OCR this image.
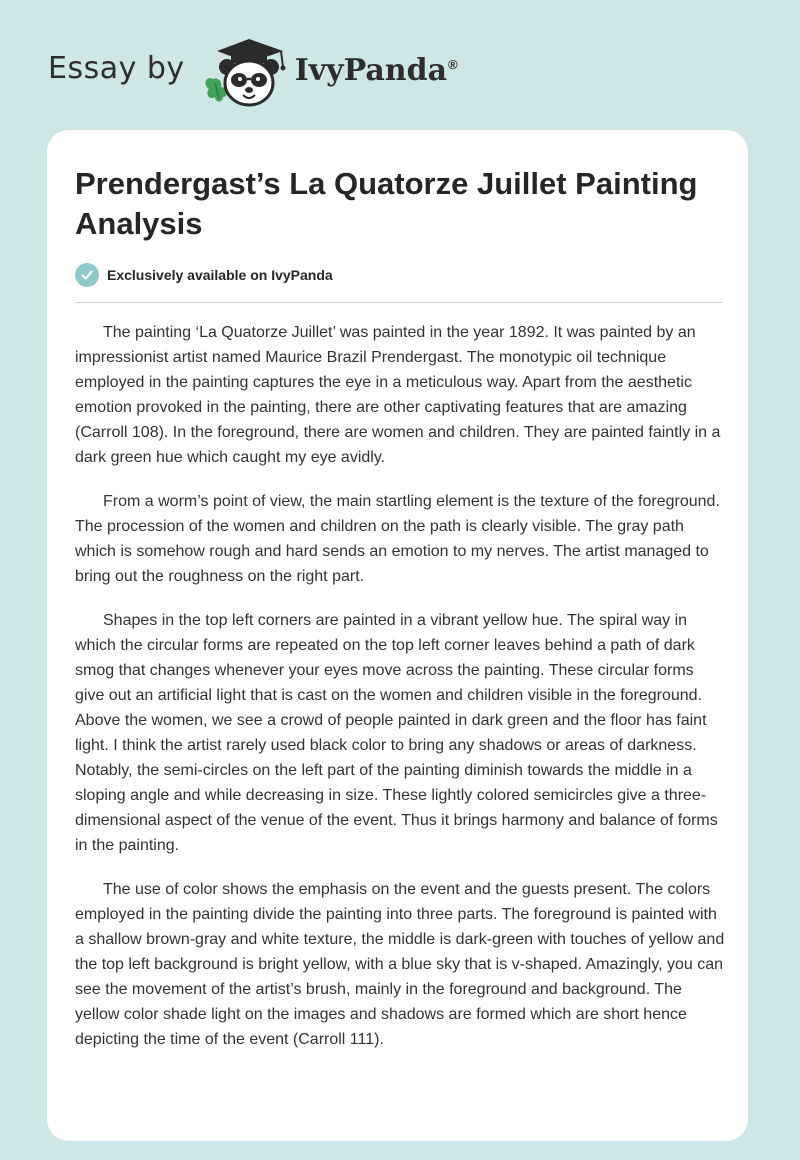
Essay by	IvyPanda®
Prendergast’s La Quatorze Juillet Painting Analysis
Exclusively available on IvyPanda

The painting ‘La Quatorze Juillet’ was painted in the year 1892. It was painted by an impressionist artist named Maurice Brazil Prendergast. The monotypic oil technique employed in the painting captures the eye in a meticulous way. Apart from the aesthetic emotion provoked in the painting, there are other captivating features that are amazing (Carroll 108). In the foreground, there are women and children. They are painted faintly in a dark green hue which caught my eye avidly.

From a worm’s point of view, the main startling element is the texture of the foreground. The procession of the women and children on the path is clearly visible. The gray path which is somehow rough and hard sends an emotion to my nerves. The artist managed to bring out the roughness on the right part.

Shapes in the top left corners are painted in a vibrant yellow hue. The spiral way in which the circular forms are repeated on the top left corner leaves behind a path of dark smog that changes whenever your eyes move across the painting. These circular forms give out an artificial light that is cast on the women and children visible in the foreground. Above the women, we see a crowd of people painted in dark green and the floor has faint light. I think the artist rarely used black color to bring any shadows or areas of darkness. Notably, the semi-circles on the left part of the painting diminish towards the middle in a sloping angle and while decreasing in size. These lightly colored semicircles give a three-dimensional aspect of the venue of the event. Thus it brings harmony and balance of forms in the painting.

The use of color shows the emphasis on the event and the guests present. The colors employed in the painting divide the painting into three parts. The foreground is painted with a shallow brown-gray and white texture, the middle is dark-green with touches of yellow and the top left background is bright yellow, with a blue sky that is v-shaped. Amazingly, you can see the movement of the artist’s brush, mainly in the foreground and background. The yellow color shade light on the images and shadows are formed which are short hence depicting the time of the event (Carroll 111).
